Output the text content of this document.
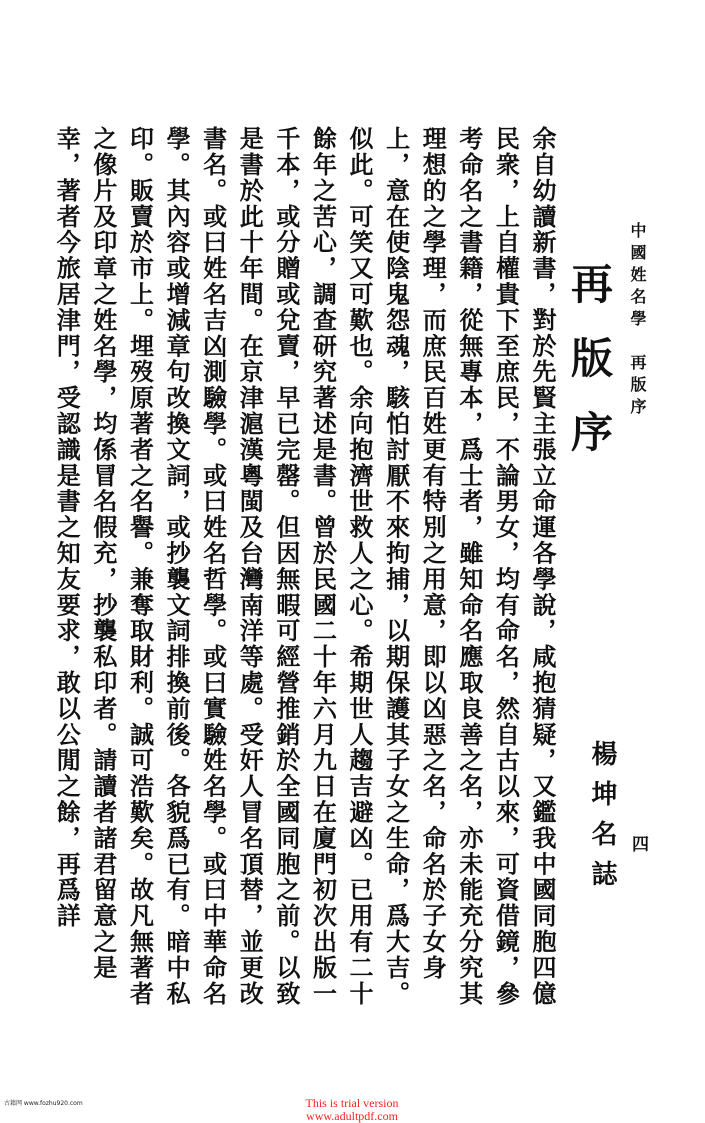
中國姓名學　再版序
四
再版序
楊坤名誌
余自幼讀新書，對於先賢主張立命運各學說，咸抱猜疑，又鑑我中國同胞四億民衆，上自權貴下至庶民，不論男女，均有命名，然自古以來，可資借鏡，參考命名之書籍，從無專本，爲士者，雖知命名應取良善之名，亦未能充分究其理想的之學理，而庶民百姓更有特別之用意，即以凶惡之名，命名於子女身上，意在使陰鬼怨魂，駭怕討厭不來拘捕，以期保護其子女之生命，爲大吉。似此。可笑又可歎也。余向抱濟世救人之心。希期世人趨吉避凶。已用有二十餘年之苦心，調查研究著述是書。曾於民國二十年六月九日在廈門初次出版一千本，或分贈或兌賣，早已完罄。但因無暇可經營推銷於全國同胞之前。以致是書於此十年間。在京津滬漢粵閩及台灣南洋等處。受奸人冒名頂替，並更改書名。或曰姓名吉凶測驗學。或曰姓名哲學。或曰實驗姓名學。或曰中華命名學。其內容或增減章句改換文詞，或抄襲文詞排換前後。各貌爲已有。暗中私印。販賣於市上。埋歿原著者之名譽。兼奪取財利。誠可浩歎矣。故凡無著者之像片及印章之姓名學，均係冒名假充，抄襲私印者。請讀者諸君留意之是幸，著者今旅居津門，受認識是書之知友要求，敢以公閒之餘，再爲詳
古籍网 www.fozhu920.com	This is trial version
www.adultpdf.com
